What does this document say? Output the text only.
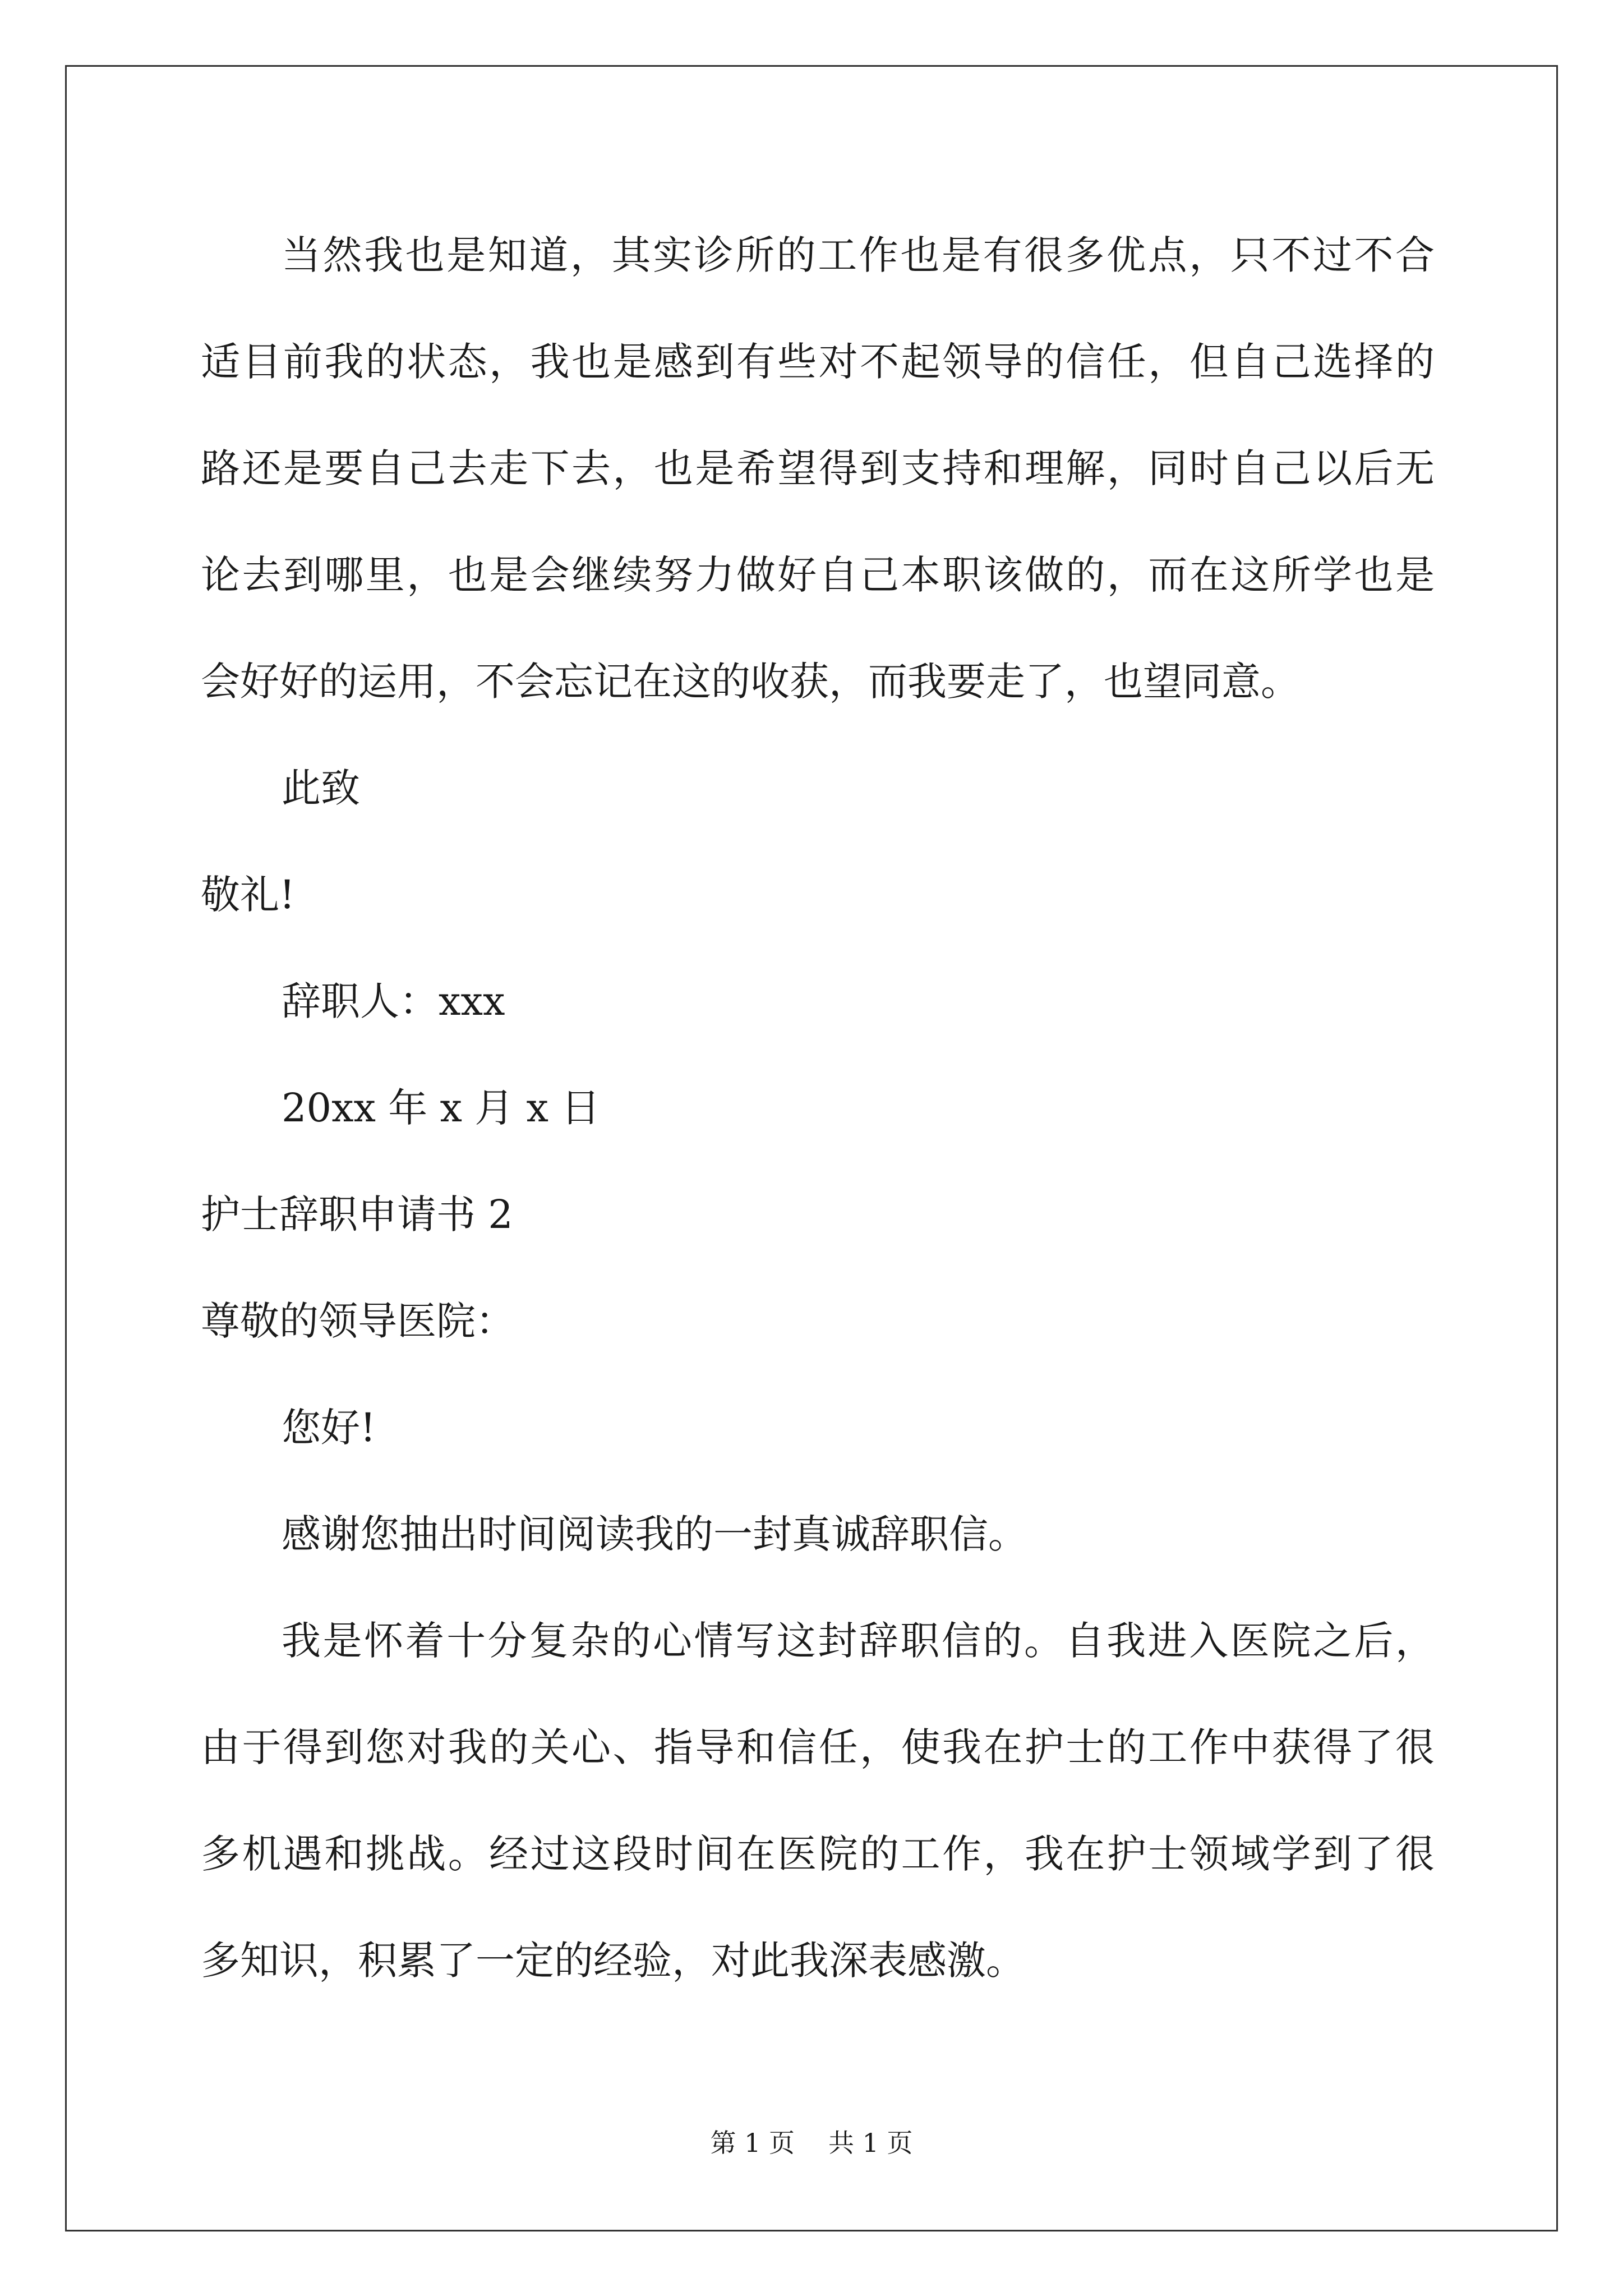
当然我也是知道，其实诊所的工作也是有很多优点，只不过不合
适目前我的状态，我也是感到有些对不起领导的信任，但自己选择的
路还是要自己去走下去，也是希望得到支持和理解，同时自己以后无
论去到哪里，也是会继续努力做好自己本职该做的，而在这所学也是
会好好的运用，不会忘记在这的收获，而我要走了，也望同意。
此致
敬礼!
辞职人：xxx
20xx 年 x 月 x 日
护士辞职申请书 2
尊敬的领导医院：
您好!
感谢您抽出时间阅读我的一封真诚辞职信。
我是怀着十分复杂的心情写这封辞职信的。自我进入医院之后，
由于得到您对我的关心、指导和信任，使我在护士的工作中获得了很
多机遇和挑战。经过这段时间在医院的工作，我在护士领域学到了很
多知识，积累了一定的经验，对此我深表感激。
第 1 页 共 1 页
